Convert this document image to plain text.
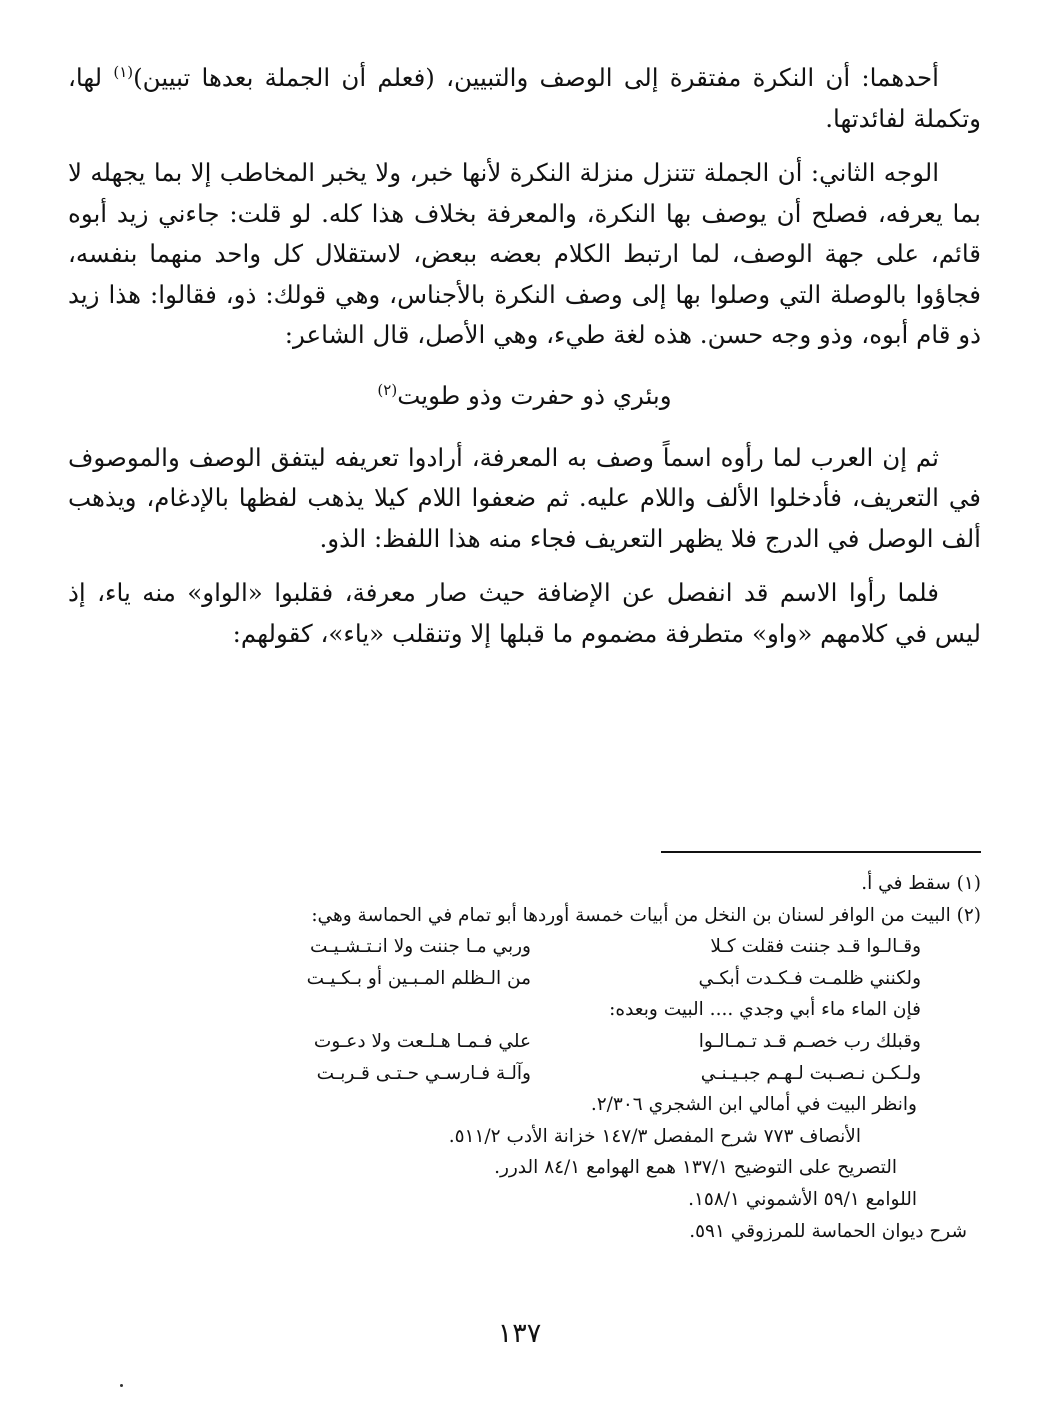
أحدهما: أن النكرة مفتقرة إلى الوصف والتبيين، (فعلم أن الجملة بعدها تبيين)$^{(١)}$ لها، وتكملة لفائدتها.

الوجه الثاني: أن الجملة تتنزل منزلة النكرة لأنها خبر، ولا يخبر المخاطب إلا بما يجهله لا بما يعرفه، فصلح أن يوصف بها النكرة، والمعرفة بخلاف هذا كله. لو قلت: جاءني زيد أبوه قائم، على جهة الوصف، لما ارتبط الكلام بعضه ببعض، لاستقلال كل واحد منهما بنفسه، فجاؤوا بالوصلة التي وصلوا بها إلى وصف النكرة بالأجناس، وهي قولك: ذو، فقالوا: هذا زيد ذو قام أبوه، وذو وجه حسن. هذه لغة طيء، وهي الأصل، قال الشاعر:

وبئري ذو حفرت وذو طويت$^{(٢)}$

ثم إن العرب لما رأوه اسماً وصف به المعرفة، أرادوا تعريفه ليتفق الوصف والموصوف في التعريف، فأدخلوا الألف واللام عليه. ثم ضعفوا اللام كيلا يذهب لفظها بالإدغام، ويذهب ألف الوصل في الدرج فلا يظهر التعريف فجاء منه هذا اللفظ: الذو.

فلما رأوا الاسم قد انفصل عن الإضافة حيث صار معرفة، فقلبوا «الواو» منه ياء، إذ ليس في كلامهم «واو» متطرفة مضموم ما قبلها إلا وتنقلب «ياء»، كقولهم:

(١) سقط في أ.

(٢) البيت من الوافر لسنان بن النخل من أبيات خمسة أوردها أبو تمام في الحماسة وهي:

وقـالـوا قـد جننت فقلت كـلا
وربي مـا جننت ولا انـتـشـيـت
ولكنني ظلمـت فـكـدت أبكـي
من الـظلم المـبـين أو بـكـيـت

فإن الماء ماء أبي وجدي .... البيت وبعده:

وقبلك رب خصـم قـد تـمـالـوا
علي فـمـا هـلـعت ولا دعـوت
ولـكـن نـصـبت لـهـم جبـيـنـي
وآلـة فـارسـي حـتـى قـربـت

وانظر البيت في أمالي ابن الشجري ٢/٣٠٦.

الأنصاف ٧٧٣ شرح المفصل ١٤٧/٣ خزانة الأدب ٥١١/٢.

التصريح على التوضيح ١٣٧/١ همع الهوامع ٨٤/١ الدرر.

اللوامع ٥٩/١ الأشموني ١٥٨/١.

شرح ديوان الحماسة للمرزوقي ٥٩١.

١٣٧
